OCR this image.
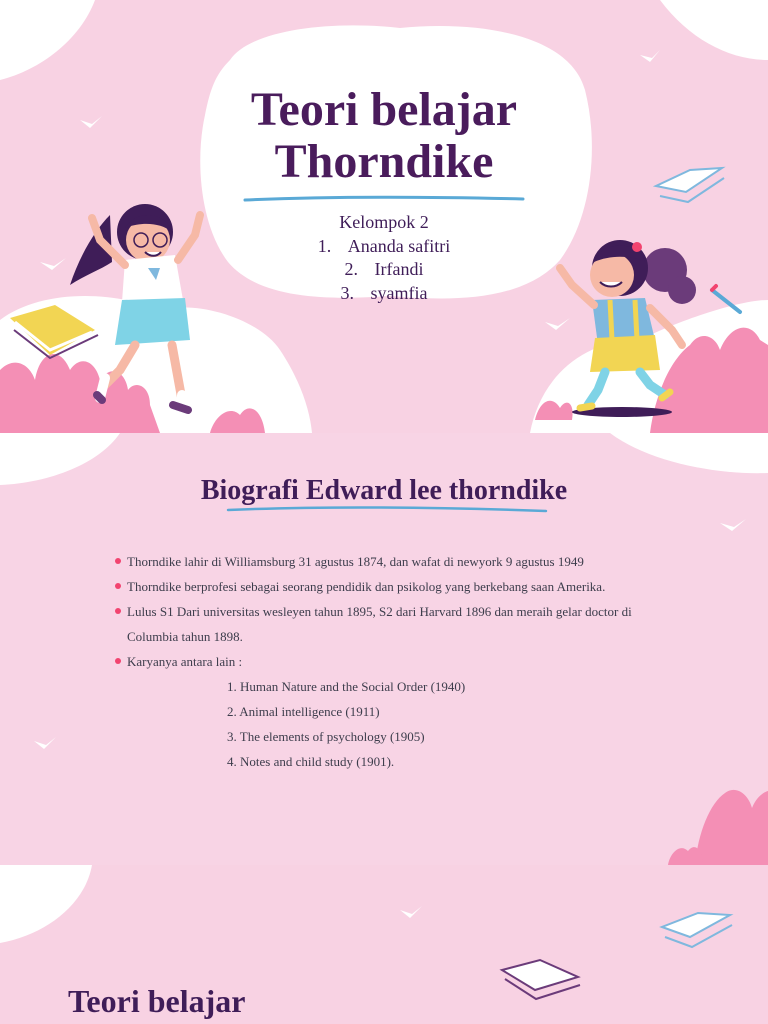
Teori belajar
Thorndike
Kelompok 2
1. Ananda safitri
2. Irfandi
3. syamfia
Biografi Edward lee thorndike
Thorndike lahir di Williamsburg 31 agustus 1874, dan wafat di newyork 9 agustus 1949
Thorndike berprofesi sebagai seorang pendidik dan psikolog yang berkebang saan Amerika.
Lulus S1 Dari universitas wesleyen tahun 1895, S2 dari Harvard 1896 dan meraih gelar doctor di Columbia tahun 1898.
Karyanya antara lain :
1. Human Nature and the Social Order (1940)
2. Animal intelligence (1911)
3. The elements of psychology (1905)
4. Notes and child study (1901).
Teori belajar
